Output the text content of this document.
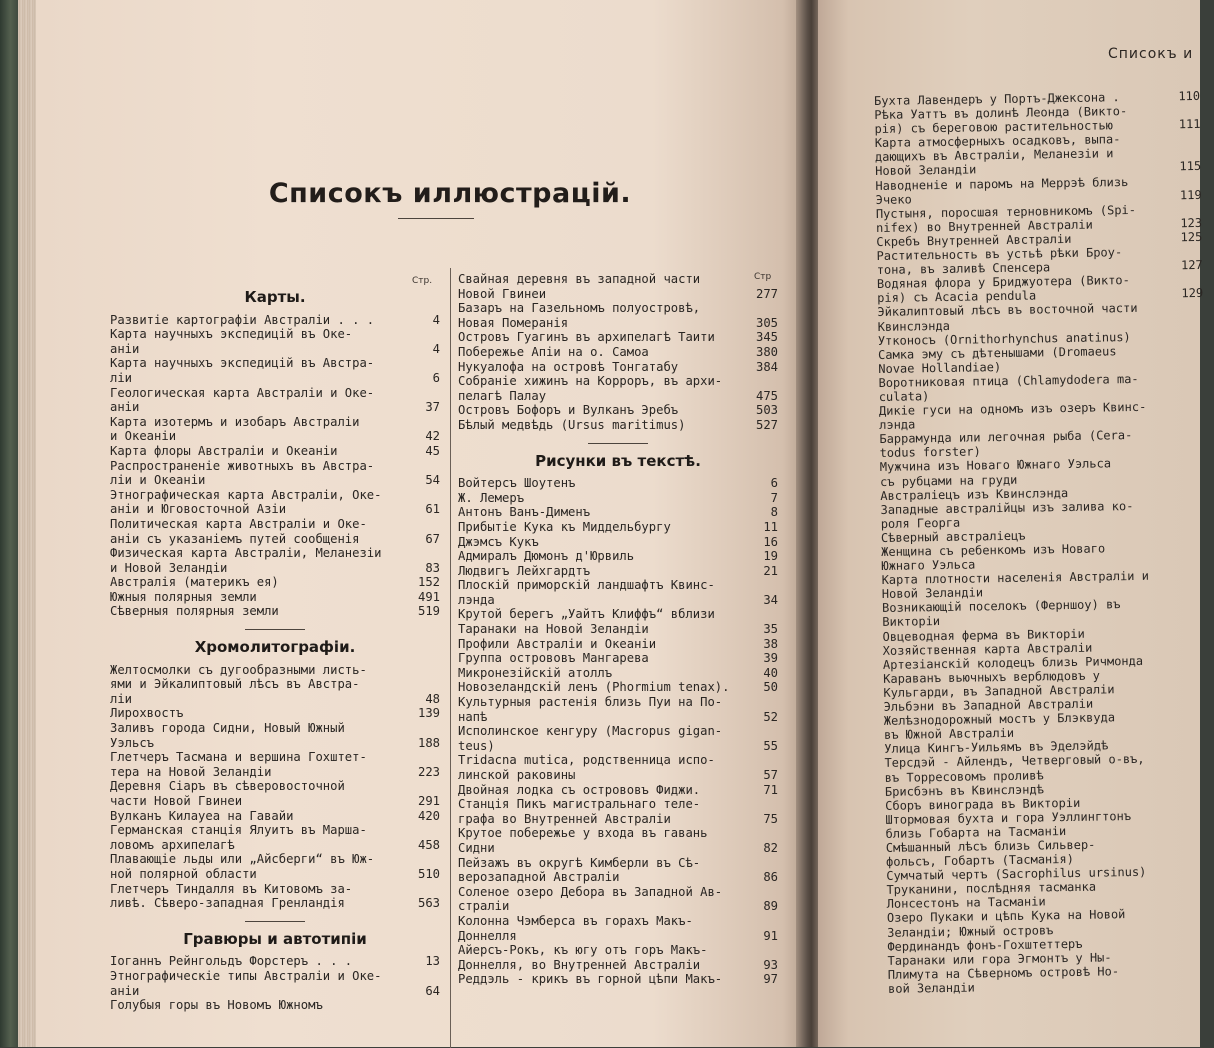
Списокъ иллюстрацій.
Стр.	Стр
Карты.
Развитіе картографіи Австраліи . . .	4
Карта научныхъ экспедицій въ Оке-
аніи	4
Карта научныхъ экспедицій въ Австра-
ліи	6
Геологическая карта Австраліи и Оке-
аніи	37
Карта изотермъ и изобаръ Австраліи
и Океаніи	42
Карта флоры Австраліи и Океаніи	45
Распространеніе животныхъ въ Австра-
ліи и Океаніи	54
Этнографическая карта Австраліи, Оке-
аніи и Юговосточной Азіи	61
Политическая карта Австраліи и Оке-
аніи съ указаніемъ путей сообщенія	67
Физическая карта Австраліи, Меланезіи
и Новой Зеландіи	83
Австралія (материкъ ея)	152
Южныя полярныя земли	491
Сѣверныя полярныя земли	519
Хромолитографіи.
Желтосмолки съ дугообразными листь-
ями и Эйкалиптовый лѣсъ въ Австра-
ліи	48
Лирохвостъ	139
Заливъ города Сидни, Новый Южный
Уэльсъ	188
Глетчеръ Тасмана и вершина Гохштет-
тера на Новой Зеландіи	223
Деревня Сіаръ въ сѣверовосточной
части Новой Гвинеи	291
Вулканъ Килауеа на Гавайи	420
Германская станція Ялуитъ въ Марша-
ловомъ архипелагѣ	458
Плавающіе льды или „Айсберги“ въ Юж-
ной полярной области	510
Глетчеръ Тиндалля въ Китовомъ за-
ливѣ. Сѣверо-западная Гренландія	563
Гравюры и автотипіи
Іоганнъ Рейнгольдъ Форстеръ . . .	13
Этнографическіе типы Австраліи и Оке-
аніи	64
Голубыя горы въ Новомъ Южномъ
Свайная деревня въ западной части
Новой Гвинеи	277
Базаръ на Газельномъ полуостровѣ,
Новая Померанія	305
Островъ Гуагинъ въ архипелагѣ Таити	345
Побережье Апіи на о. Самоа	380
Нукуалофа на островѣ Тонгатабу	384
Собраніе хижинъ на Корроръ, въ архи-
пелагѣ Палау	475
Островъ Бофоръ и Вулканъ Эребъ	503
Бѣлый медвѣдь (Ursus maritimus)	527
Рисунки въ текстѣ.
Войтерсъ Шоутенъ	6
Ж. Лемеръ	7
Антонъ Ванъ-Дименъ	8
Прибытіе Кука къ Миддельбургу	11
Джэмсъ Кукъ	16
Адмиралъ Дюмонъ д'Юрвиль	19
Людвигъ Лейхгардтъ	21
Плоскій приморскій ландшафтъ Квинс-
лэнда	34
Крутой берегъ „Уайтъ Клиффъ“ вблизи
Таранаки на Новой Зеландіи	35
Профили Австраліи и Океаніи	38
Группа острововъ Мангарева	39
Микронезійскій атоллъ	40
Новозеландскій ленъ (Phormium tenax).	50
Культурныя растенія близь Пуи на По-
напѣ	52
Исполинское кенгуру (Macropus gigan-
teus)	55
Tridacna mutica, родственница испо-
линской раковины	57
Двойная лодка съ острововъ Фиджи.	71
Станція Пикъ магистральнаго теле-
графа во Внутренней Австраліи	75
Крутое побережье у входа въ гавань
Сидни	82
Пейзажъ въ округѣ Кимберли въ Сѣ-
верозападной Австраліи	86
Соленое озеро Дебора въ Западной Ав-
страліи	89
Колонна Чэмберса въ горахъ Макъ-
Доннелля	91
Айерсъ-Рокъ, къ югу отъ горъ Макъ-
Доннелля, во Внутренней Австраліи	93
Реддэль - крикъ въ горной цѣпи Макъ-	97
Списокъ и
Бухта Лавендеръ у Портъ-Джексона .	110
Рѣка Уаттъ въ долинѣ Леонда (Викто-
рія) съ береговою растительностью	111
Карта атмосферныхъ осадковъ, выпа-
дающихъ въ Австраліи, Меланезіи и
Новой Зеландіи	115
Наводненіе и паромъ на Меррэѣ близь
Эчеко	119
Пустыня, поросшая терновникомъ (Spi-
nifex) во Внутренней Австраліи	123
Скребъ Внутренней Австраліи	125
Растительность въ устьѣ рѣки Броу-
тона, въ заливѣ Спенсера	127
Водяная флора у Бриджуотера (Викто-
рія) съ Acacia pendula	129
Эйкалиптовый лѣсъ въ восточной части
Квинслэнда
Утконосъ (Ornithorhynchus anatinus)
Самка эму съ дѣтенышами (Dromaeus
Novae Hollandiae)
Воротниковая птица (Chlamydodera ma-
culata)
Дикіе гуси на одномъ изъ озеръ Квинс-
лэнда
Баррамунда или легочная рыба (Cera-
todus forster)
Мужчина изъ Новаго Южнаго Уэльса
съ рубцами на груди
Австраліецъ изъ Квинслэнда
Западные австралійцы изъ залива ко-
роля Георга
Сѣверный австраліецъ
Женщина съ ребенкомъ изъ Новаго
Южнаго Уэльса
Карта плотности населенія Австраліи и
Новой Зеландіи
Возникающій поселокъ (Ферншоу) въ
Викторіи
Овцеводная ферма въ Викторіи
Хозяйственная карта Австраліи
Артезіанскій колодецъ близь Ричмонда
Караванъ вьючныхъ верблюдовъ у
Кульгарди, въ Западной Австраліи
Эльбэни въ Западной Австраліи
Желѣзнодорожный мостъ у Блэквуда
въ Южной Австраліи
Улица Кингъ-Уильямъ въ Эделэйдѣ
Терсдэй - Айлендъ, Четверговый о-въ,
въ Торресовомъ проливѣ
Брисбэнъ въ Квинслэндѣ
Сборъ винограда въ Викторіи
Штормовая бухта и гора Уэллингтонъ
близь Гобарта на Тасманіи
Смѣшанный лѣсъ близь Сильвер-
фольсъ, Гобартъ (Тасманія)
Сумчатый чертъ (Sacrophilus ursinus)
Труканини, послѣдняя тасманка
Лонсестонъ на Тасманіи
Озеро Пукаки и цѣпь Кука на Новой
Зеландіи; Южный островъ
Фердинандъ фонъ-Гохштеттеръ
Таранаки или гора Эгмонтъ у Ны-
Плимута на Сѣверномъ островѣ Но-
вой Зеландіи
